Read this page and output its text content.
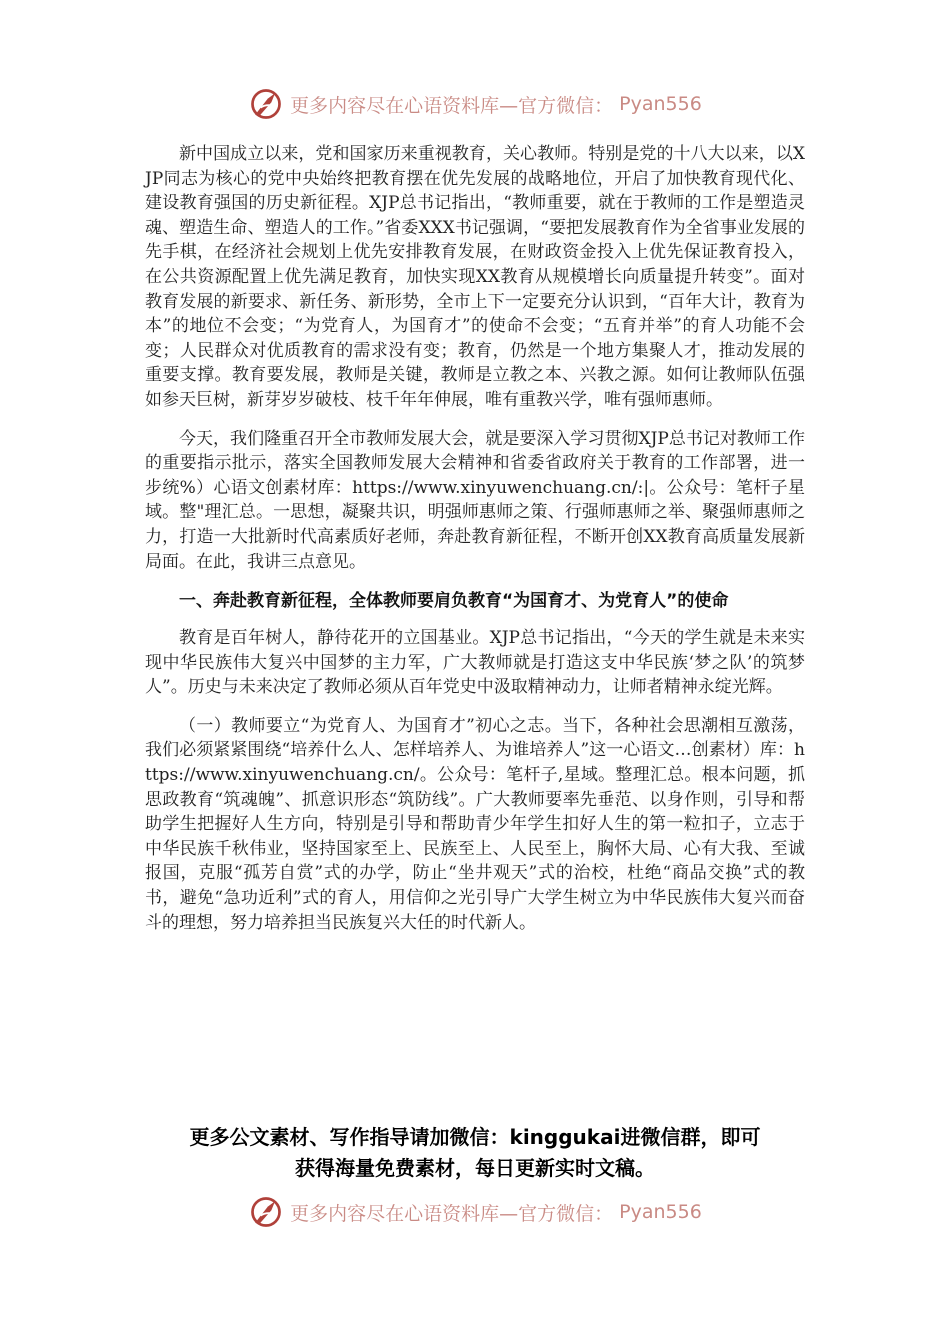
更多内容尽在心语资料库—官方微信： Pyan556

新中国成立以来，党和国家历来重视教育，关心教师。特别是党的十八大以来，以XJP同志为核心的党中央始终把教育摆在优先发展的战略地位，开启了加快教育现代化、建设教育强国的历史新征程。XJP总书记指出，“教师重要，就在于教师的工作是塑造灵魂、塑造生命、塑造人的工作。”省委XXX书记强调，“要把发展教育作为全省事业发展的先手棋，在经济社会规划上优先安排教育发展，在财政资金投入上优先保证教育投入，在公共资源配置上优先满足教育，加快实现XX教育从规模增长向质量提升转变”。面对教育发展的新要求、新任务、新形势，全市上下一定要充分认识到，“百年大计，教育为本”的地位不会变；“为党育人，为国育才”的使命不会变；“五育并举”的育人功能不会变；人民群众对优质教育的需求没有变；教育，仍然是一个地方集聚人才，推动发展的重要支撑。教育要发展，教师是关键，教师是立教之本、兴教之源。如何让教师队伍强如参天巨树，新芽岁岁破枝、枝千年年伸展，唯有重教兴学，唯有强师惠师。

今天，我们隆重召开全市教师发展大会，就是要深入学习贯彻XJP总书记对教师工作的重要指示批示，落实全国教师发展大会精神和省委省政府关于教育的工作部署，进一步统%）心语文创素材库：https://www.xinyuwenchuang.cn/:|。公众号：笔杆子星域。整"理汇总。一思想，凝聚共识，明强师惠师之策、行强师惠师之举、聚强师惠师之力，打造一大批新时代高素质好老师，奔赴教育新征程，不断开创XX教育高质量发展新局面。在此，我讲三点意见。

一、奔赴教育新征程，全体教师要肩负教育“为国育才、为党育人”的使命

教育是百年树人，静待花开的立国基业。XJP总书记指出，“今天的学生就是未来实现中华民族伟大复兴中国梦的主力军，广大教师就是打造这支中华民族‘梦之队’的筑梦人”。历史与未来决定了教师必须从百年党史中汲取精神动力，让师者精神永绽光辉。

（一）教师要立“为党育人、为国育才”初心之志。当下，各种社会思潮相互激荡，我们必须紧紧围绕“培养什么人、怎样培养人、为谁培养人”这一心语文…创素材）库：https://www.xinyuwenchuang.cn/。公众号：笔杆子,星域。整理汇总。根本问题，抓思政教育“筑魂魄”、抓意识形态“筑防线”。广大教师要率先垂范、以身作则，引导和帮助学生把握好人生方向，特别是引导和帮助青少年学生扣好人生的第一粒扣子，立志于中华民族千秋伟业，坚持国家至上、民族至上、人民至上，胸怀大局、心有大我、至诚报国，克服“孤芳自赏”式的办学，防止“坐井观天”式的治校，杜绝“商品交换”式的教书，避免“急功近利”式的育人，用信仰之光引导广大学生树立为中华民族伟大复兴而奋斗的理想，努力培养担当民族复兴大任的时代新人。

更多公文素材、写作指导请加微信：kinggukai进微信群，即可
获得海量免费素材，每日更新实时文稿。
更多内容尽在心语资料库—官方微信： Pyan556
